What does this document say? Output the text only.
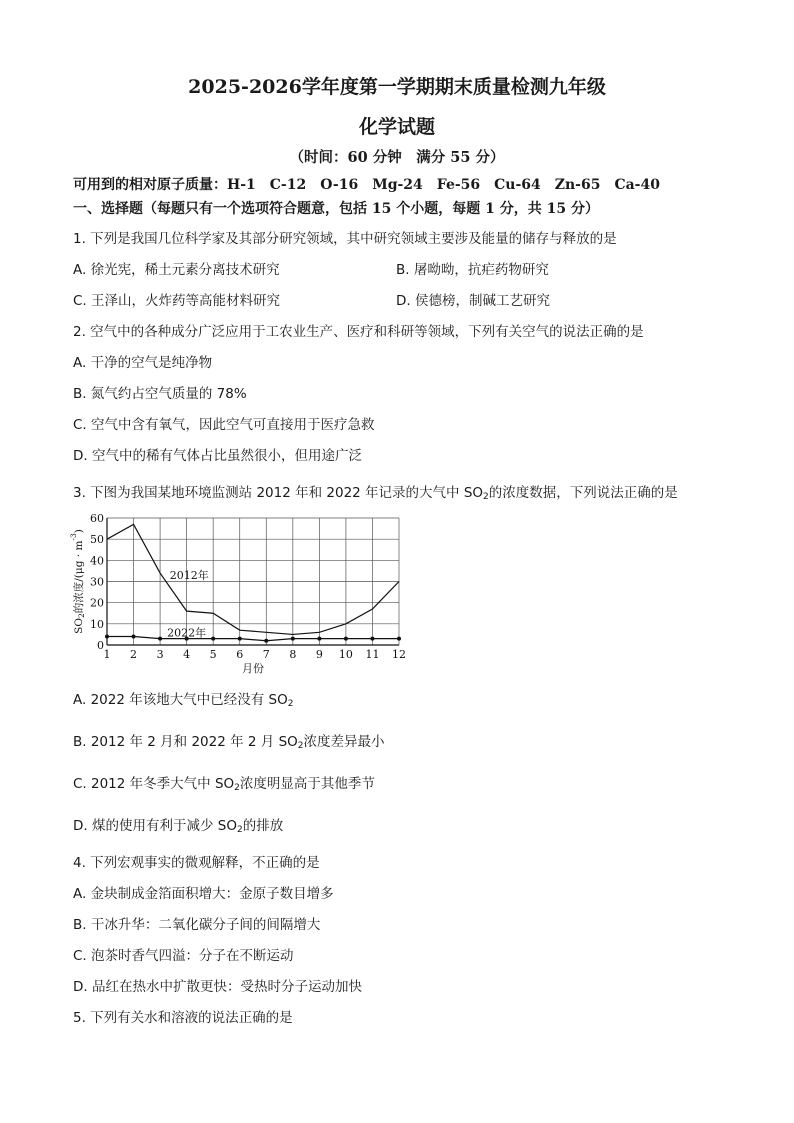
2025-2026学年度第一学期期末质量检测九年级
化学试题
（时间：60 分钟　满分 55 分）
可用到的相对原子质量：H-1　C-12　O-16　Mg-24　Fe-56　Cu-64　Zn-65　Ca-40
一、选择题（每题只有一个选项符合题意，包括 15 个小题，每题 1 分，共 15 分）
1. 下列是我国几位科学家及其部分研究领域，其中研究领域主要涉及能量的储存与释放的是
A. 徐光宪，稀土元素分离技术研究	B. 屠呦呦，抗疟药物研究
C. 王泽山，火炸药等高能材料研究	D. 侯德榜，制碱工艺研究
2. 空气中的各种成分广泛应用于工农业生产、医疗和科研等领域，下列有关空气的说法正确的是
A. 干净的空气是纯净物
B. 氮气约占空气质量的 78%
C. 空气中含有氧气，因此空气可直接用于医疗急救
D. 空气中的稀有气体占比虽然很小，但用途广泛
3. 下图为我国某地环境监测站 2012 年和 2022 年记录的大气中 $SO_2$的浓度数据，下列说法正确的是
1 2 3 4 5 6 7 8 9 10 11 12
0
10
20
30
40
50
60
月份
SO2的浓度$/(\mu g \cdot m^{-3})$
2012年
2022年
A. 2022 年该地大气中已经没有 $SO_2$
B. 2012 年 2 月和 2022 年 2 月 $SO_2$浓度差异最小
C. 2012 年冬季大气中 $SO_2$浓度明显高于其他季节
D. 煤的使用有利于减少 $SO_2$的排放
4. 下列宏观事实的微观解释，不正确的是
A. 金块制成金箔面积增大：金原子数目增多
B. 干冰升华：二氧化碳分子间的间隔增大
C. 泡茶时香气四溢：分子在不断运动
D. 品红在热水中扩散更快：受热时分子运动加快
5. 下列有关水和溶液的说法正确的是
